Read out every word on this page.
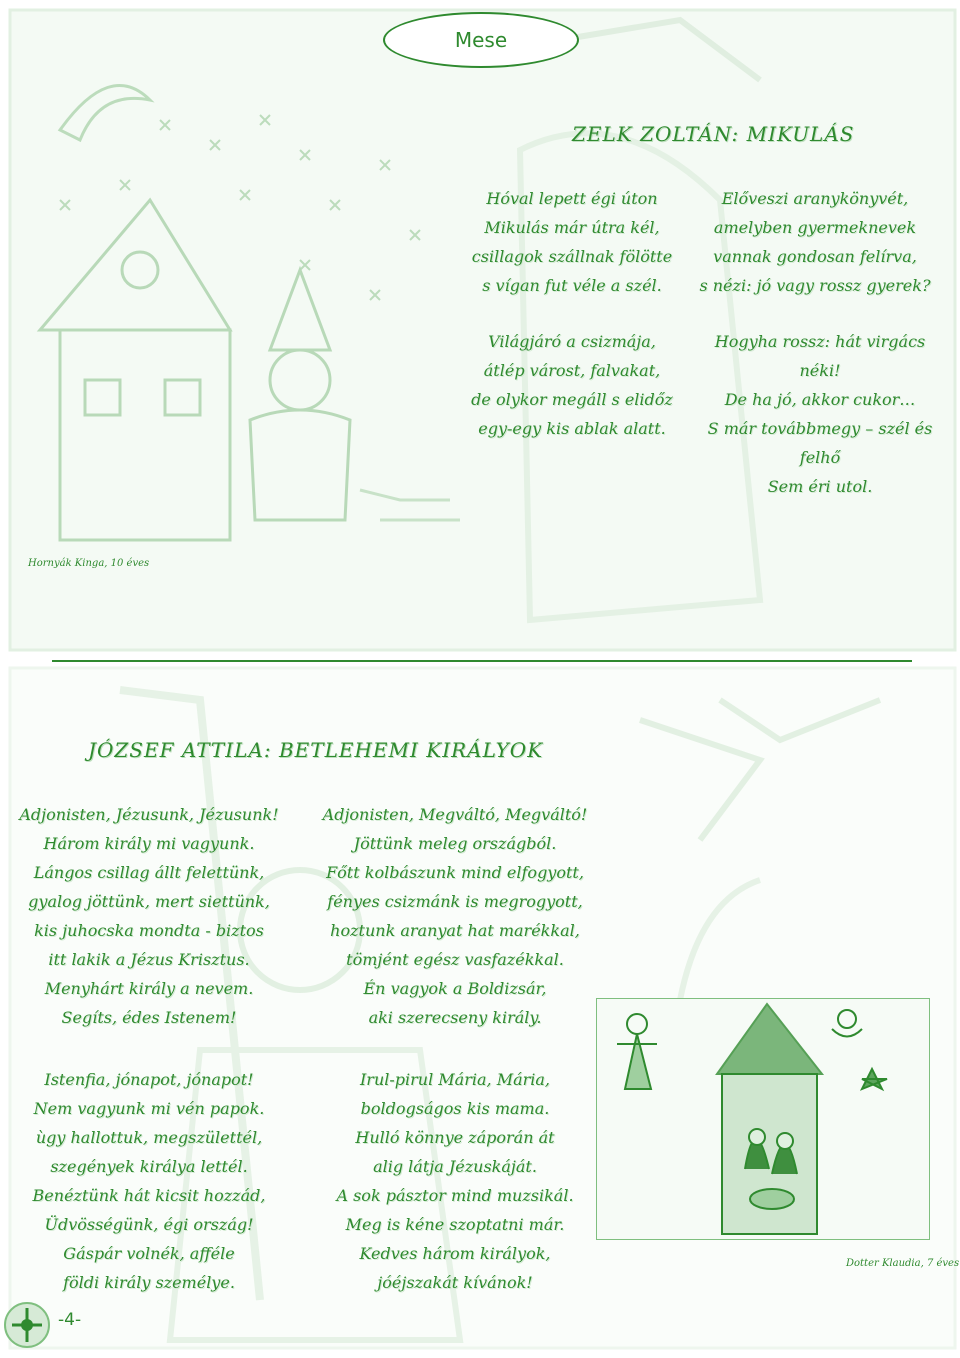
Mese
ZELK ZOLTÁN: MIKULÁS
Hóval lepett égi úton
Mikulás már útra kél,
csillagok szállnak fölötte
s vígan fut véle a szél.
Előveszi aranykönyvét,
amelyben gyermeknevek
vannak gondosan felírva,
s nézi: jó vagy rossz gyerek?
Világjáró a csizmája,
átlép várost, falvakat,
de olykor megáll s elidőz
egy-egy kis ablak alatt.
Hogyha rossz: hát virgács
néki!
De ha jó, akkor cukor…
S már továbbmegy – szél és
felhő
Sem éri utol.
Hornyák Kinga, 10 éves
JÓZSEF ATTILA: BETLEHEMI KIRÁLYOK
Adjonisten, Jézusunk, Jézusunk!
Három király mi vagyunk.
Lángos csillag állt felettünk,
gyalog jöttünk, mert siettünk,
kis juhocska mondta - biztos
itt lakik a Jézus Krisztus.
Menyhárt király a nevem.
Segíts, édes Istenem!
Adjonisten, Megváltó, Megváltó!
Jöttünk meleg országból.
Főtt kolbászunk mind elfogyott,
fényes csizmánk is megrogyott,
hoztunk aranyat hat marékkal,
tömjént egész vasfazékkal.
Én vagyok a Boldizsár,
aki szerecseny király.
Istenfia, jónapot, jónapot!
Nem vagyunk mi vén papok.
ùgy hallottuk, megszülettél,
szegények királya lettél.
Benéztünk hát kicsit hozzád,
Üdvösségünk, égi ország!
Gáspár volnék, afféle
földi király személye.
Irul-pirul Mária, Mária,
boldogságos kis mama.
Hulló könnye záporán át
alig látja Jézuskáját.
A sok pásztor mind muzsikál.
Meg is kéne szoptatni már.
Kedves három királyok,
jóéjszakát kívánok!
Dotter Klaudia, 7 éves
-4-
